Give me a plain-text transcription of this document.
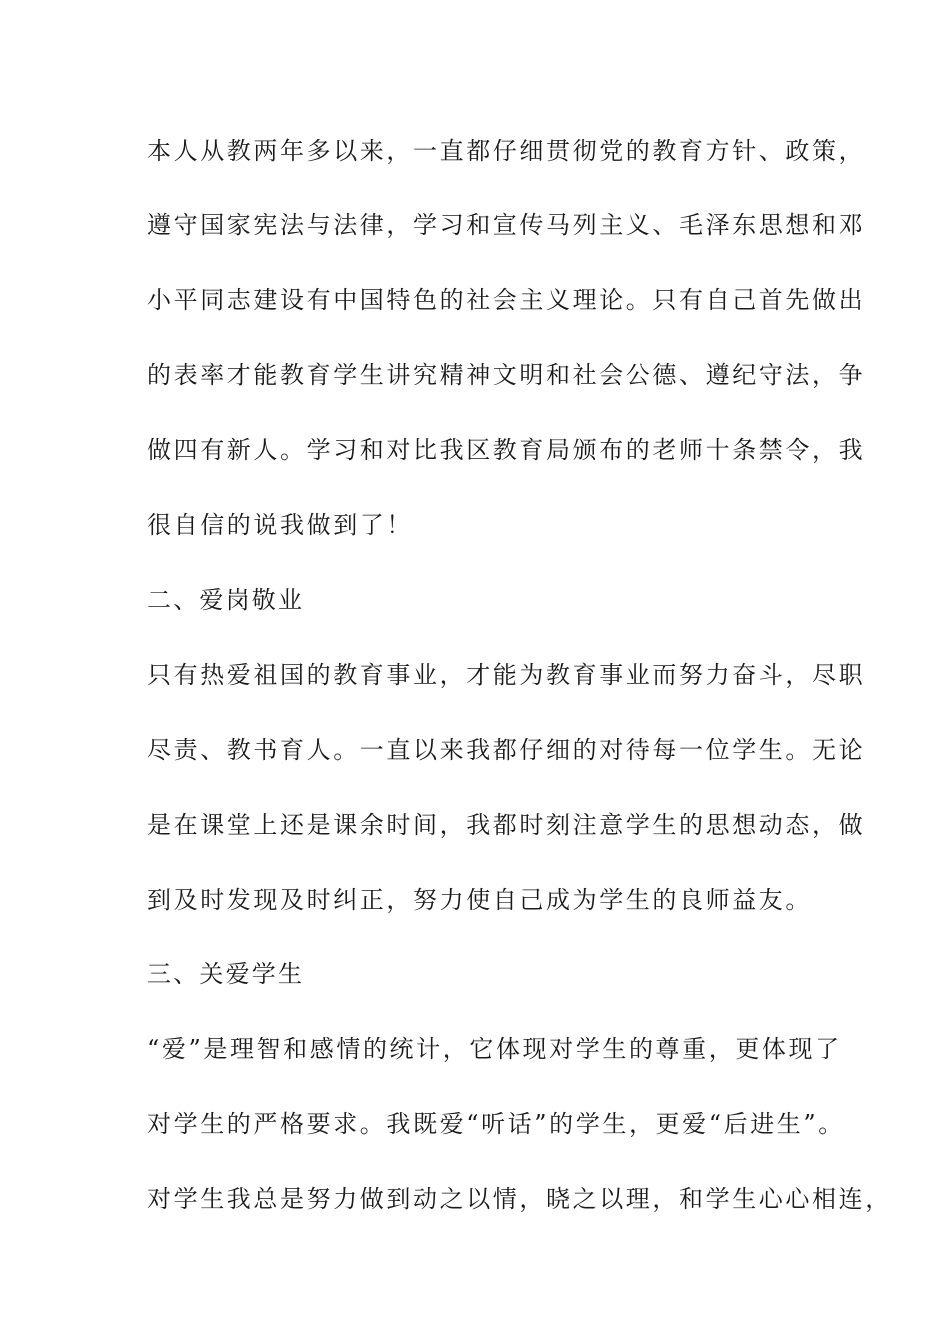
本人从教两年多以来，一直都仔细贯彻党的教育方针、政策，

遵守国家宪法与法律，学习和宣传马列主义、毛泽东思想和邓

小平同志建设有中国特色的社会主义理论。只有自己首先做出

的表率才能教育学生讲究精神文明和社会公德、遵纪守法，争

做四有新人。学习和对比我区教育局颁布的老师十条禁令，我

很自信的说我做到了！

二、爱岗敬业

只有热爱祖国的教育事业，才能为教育事业而努力奋斗，尽职

尽责、教书育人。一直以来我都仔细的对待每一位学生。无论

是在课堂上还是课余时间，我都时刻注意学生的思想动态，做

到及时发现及时纠正，努力使自己成为学生的良师益友。

三、关爱学生

“爱”是理智和感情的统计，它体现对学生的尊重，更体现了

对学生的严格要求。我既爱“听话”的学生，更爱“后进生”。

对学生我总是努力做到动之以情，晓之以理，和学生心心相连，
